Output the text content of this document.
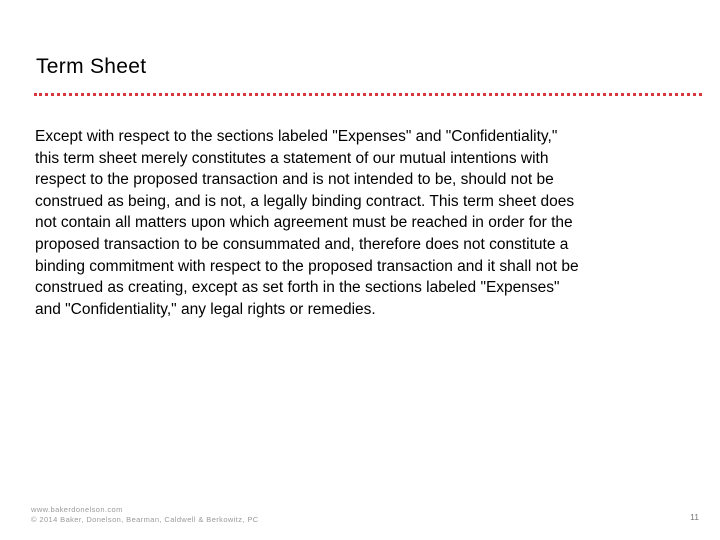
Term Sheet
Except with respect to the sections labeled "Expenses" and "Confidentiality,"
this term sheet merely constitutes a statement of our mutual intentions with
respect to the proposed transaction and is not intended to be, should not be
construed as being, and is not, a legally binding contract. This term sheet does
not contain all matters upon which agreement must be reached in order for the
proposed transaction to be consummated and, therefore does not constitute a
binding commitment with respect to the proposed transaction and it shall not be
construed as creating, except as set forth in the sections labeled "Expenses"
and "Confidentiality," any legal rights or remedies.
www.bakerdonelson.com
© 2014 Baker, Donelson, Bearman, Caldwell & Berkowitz, PC	11
